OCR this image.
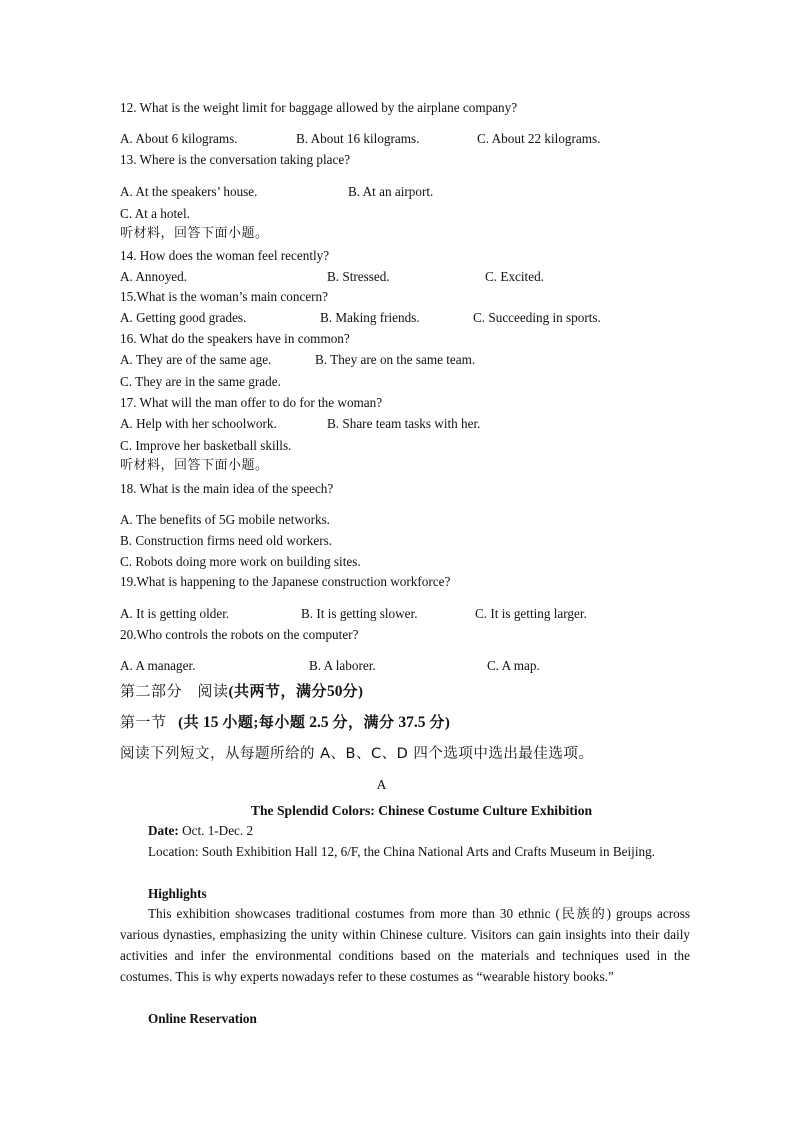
12. What is the weight limit for baggage allowed by the airplane company?
A. About 6 kilograms.	B. About 16 kilograms.	C. About 22 kilograms.
13. Where is the conversation taking place?
A. At the speakers’ house.	B. At an airport.
C. At a hotel.
听材料，回答下面小题。
14. How does the woman feel recently?
A. Annoyed.	B. Stressed.	C. Excited.
15.What is the woman’s main concern?
A. Getting good grades.	B. Making friends.	C. Succeeding in sports.
16. What do the speakers have in common?
A. They are of the same age.	B. They are on the same team.
C. They are in the same grade.
17. What will the man offer to do for the woman?
A. Help with her schoolwork.	B. Share team tasks with her.
C. Improve her basketball skills.
听材料，回答下面小题。
18. What is the main idea of the speech?
A. The benefits of 5G mobile networks.
B. Construction firms need old workers.
C. Robots doing more work on building sites.
19.What is happening to the Japanese construction workforce?
A. It is getting older.	B. It is getting slower.	C. It is getting larger.
20.Who controls the robots on the computer?
A. A manager.	B. A laborer.	C. A map.
第二部分　阅读(共两节，满分50分)
第一节 (共 15 小题;每小题 2.5 分，满分 37.5 分)
阅读下列短文，从每题所给的 A、B、C、D 四个选项中选出最佳选项。
A
The Splendid Colors: Chinese Costume Culture Exhibition
Date: Oct. 1-Dec. 2
Location: South Exhibition Hall 12, 6/F, the China National Arts and Crafts Museum in Beijing.
Highlights
This exhibition showcases traditional costumes from more than 30 ethnic (民族的) groups across various dynasties, emphasizing the unity within Chinese culture. Visitors can gain insights into their daily activities and infer the environmental conditions based on the materials and techniques used in the costumes. This is why experts nowadays refer to these costumes as “wearable history books.”
Online Reservation
